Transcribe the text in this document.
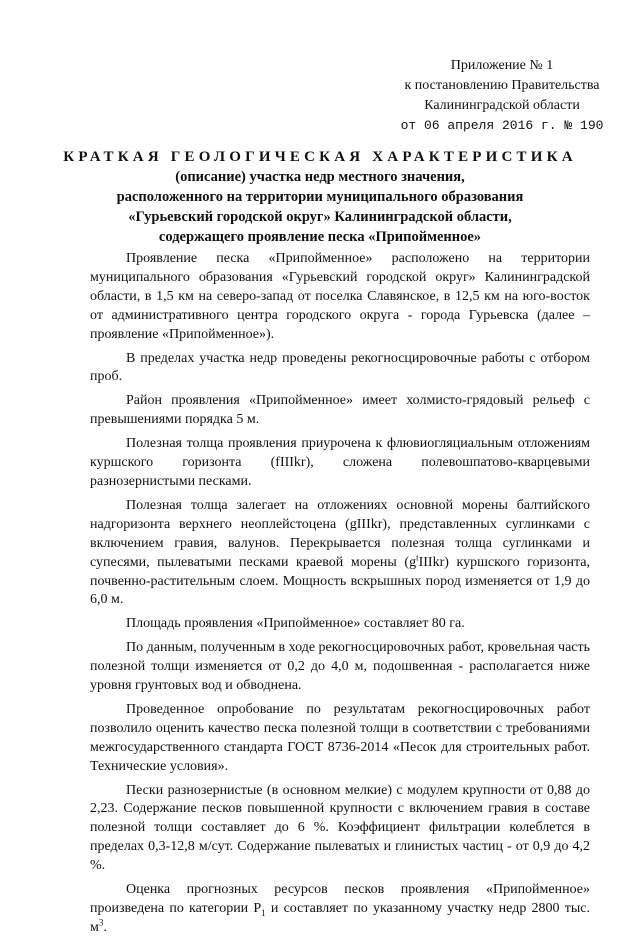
Приложение № 1
к постановлению Правительства
Калининградской области
от 06 апреля 2016 г. № 190
КРАТКАЯ ГЕОЛОГИЧЕСКАЯ ХАРАКТЕРИСТИКА
(описание) участка недр местного значения,
расположенного на территории муниципального образования
«Гурьевский городской округ» Калининградской области,
содержащего проявление песка «Припойменное»

Проявление песка «Припойменное» расположено на территории муниципального образования «Гурьевский городской округ» Калининградской области, в 1,5 км на северо-запад от поселка Славянское, в 12,5 км на юго-восток от административного центра городского округа - города Гурьевска (далее – проявление «Припойменное»).

В пределах участка недр проведены рекогносцировочные работы с отбором проб.

Район проявления «Припойменное» имеет холмисто-грядовый рельеф с превышениями порядка 5 м.

Полезная толща проявления приурочена к флювиогляциальным отложениям куршского горизонта (fIIIkr), сложена полевошпатово-кварцевыми разнозернистыми песками.

Полезная толща залегает на отложениях основной морены балтийского надгоризонта верхнего неоплейстоцена (gIIIkr), представленных суглинками с включением гравия, валунов. Перекрывается полезная толща суглинками и супесями, пылеватыми песками краевой морены $(g^tIIIkr)$ куршского горизонта, почвенно-растительным слоем. Мощность вскрышных пород изменяется от 1,9 до 6,0 м.

Площадь проявления «Припойменное» составляет 80 га.

По данным, полученным в ходе рекогносцировочных работ, кровельная часть полезной толщи изменяется от 0,2 до 4,0 м, подошвенная - располагается ниже уровня грунтовых вод и обводнена.

Проведенное опробование по результатам рекогносцировочных работ позволило оценить качество песка полезной толщи в соответствии с требованиями межгосударственного стандарта ГОСТ 8736-2014 «Песок для строительных работ. Технические условия».

Пески разнозернистые (в основном мелкие) с модулем крупности от 0,88 до 2,23. Содержание песков повышенной крупности с включением гравия в составе полезной толщи составляет до 6 %. Коэффициент фильтрации колеблется в пределах 0,3-12,8 м/сут. Содержание пылеватых и глинистых частиц - от 0,9 до 4,2 %.

Оценка прогнозных ресурсов песков проявления «Припойменное» произведена по категории $P_1$ и составляет по указанному участку недр 2800 тыс. $м^3$.
